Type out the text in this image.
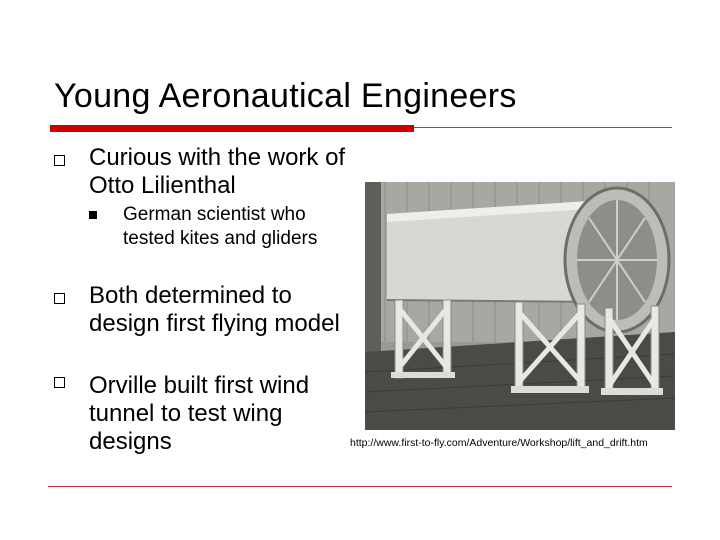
Young Aeronautical Engineers
Curious with the work of Otto Lilienthal
German scientist who tested kites and gliders
Both determined to design first flying model
Orville built first wind tunnel to test wing designs	http://www.first-to-fly.com/Adventure/Workshop/lift_and_drift.htm
